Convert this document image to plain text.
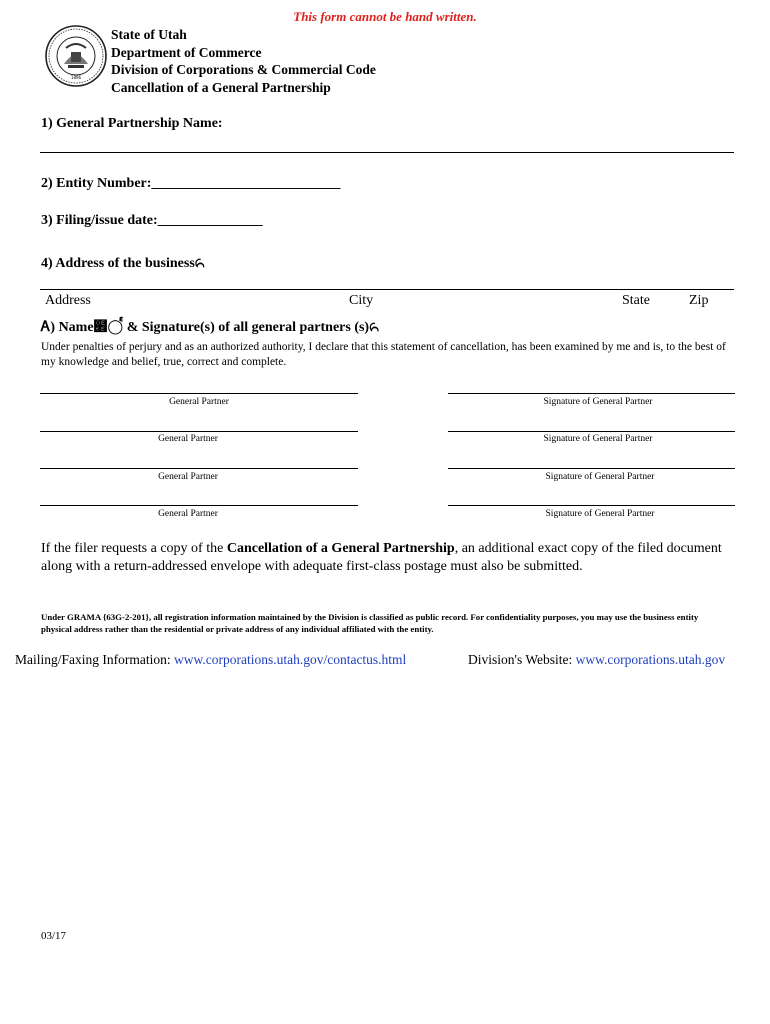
This form cannot be hand written.
1896
State of Utah
Department of Commerce
Division of Corporations & Commercial Code
Cancellation of a General Partnership
1) General Partnership Name:
2) Entity Number:___________________________
3) Filing/issue date:_______________
4) Address of the businessᬏ
Address	City	State	Zip
Ꭺ) Name๫◯๎ & Signature(s) of all general partners (s)ᬏ
Under penalties of perjury and as an authorized authority, I declare that this statement of cancellation, has been examined by me and is, to the best of my knowledge and belief, true, correct and complete.
General Partner	Signature of General Partner
General Partner	Signature of General Partner
General Partner	Signature of General Partner
General Partner	Signature of General Partner
If the filer requests a copy of the Cancellation of a General Partnership, an additional exact copy of the filed document along with a return-addressed envelope with adequate first-class postage must also be submitted.
Under GRAMA {63G-2-201}, all registration information maintained by the Division is classified as public record. For confidentiality purposes, you may use the business entity physical address rather than the residential or private address of any individual affiliated with the entity.
Mailing/Faxing Information: www.corporations.utah.gov/contactus.html	Division's Website: www.corporations.utah.gov
03/17
